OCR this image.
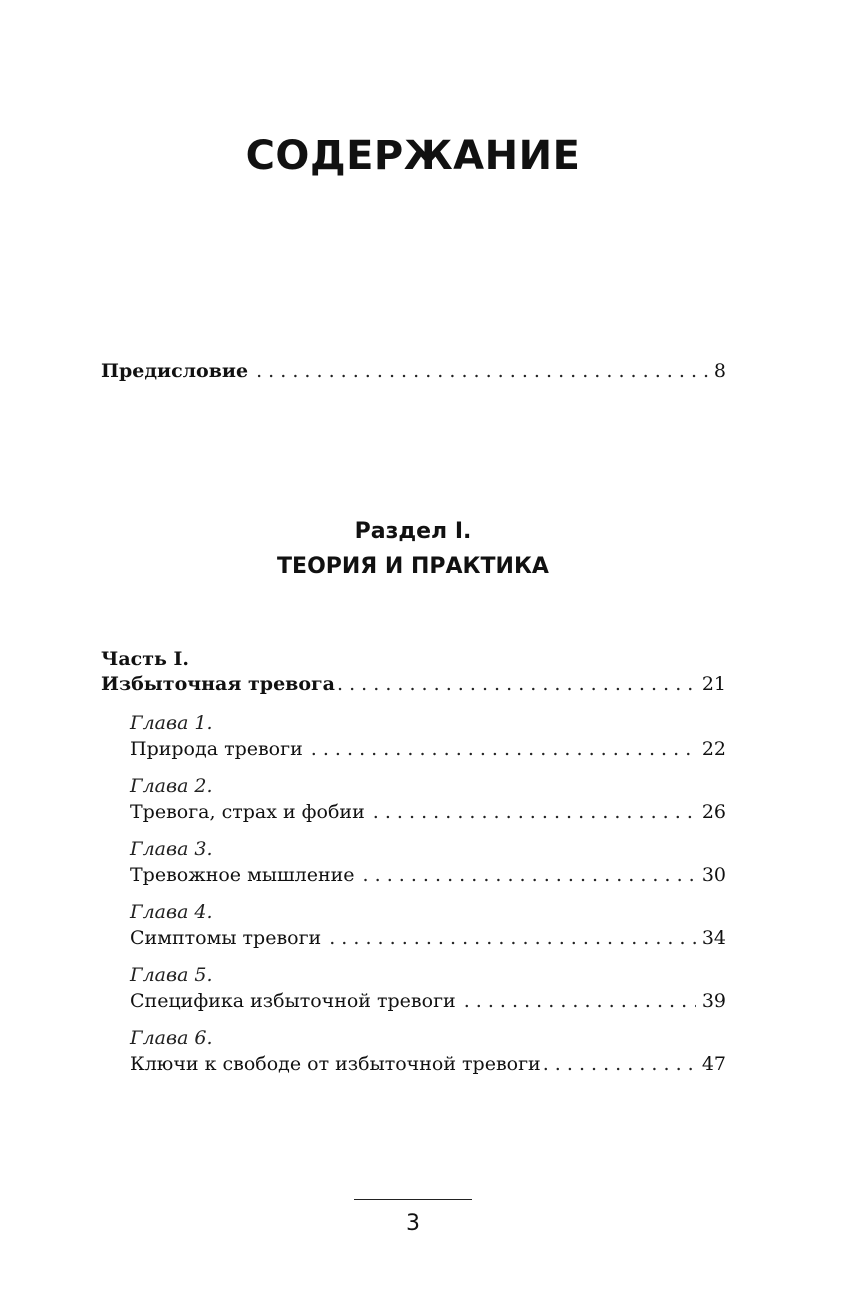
СОДЕРЖАНИЕ
Предисловие . . .	8
Раздел I.
ТЕОРИЯ И ПРАКТИКА
Часть I.
Избыточная тревога . . .	21
Глава 1.
Природа тревоги . . .	22
Глава 2.
Тревога, страх и фобии . . .	26
Глава 3.
Тревожное мышление . . .	30
Глава 4.
Симптомы тревоги . . .	34
Глава 5.
Специфика избыточной тревоги . . .	39
Глава 6.
Ключи к свободе от избыточной тревоги . . .	47
3
